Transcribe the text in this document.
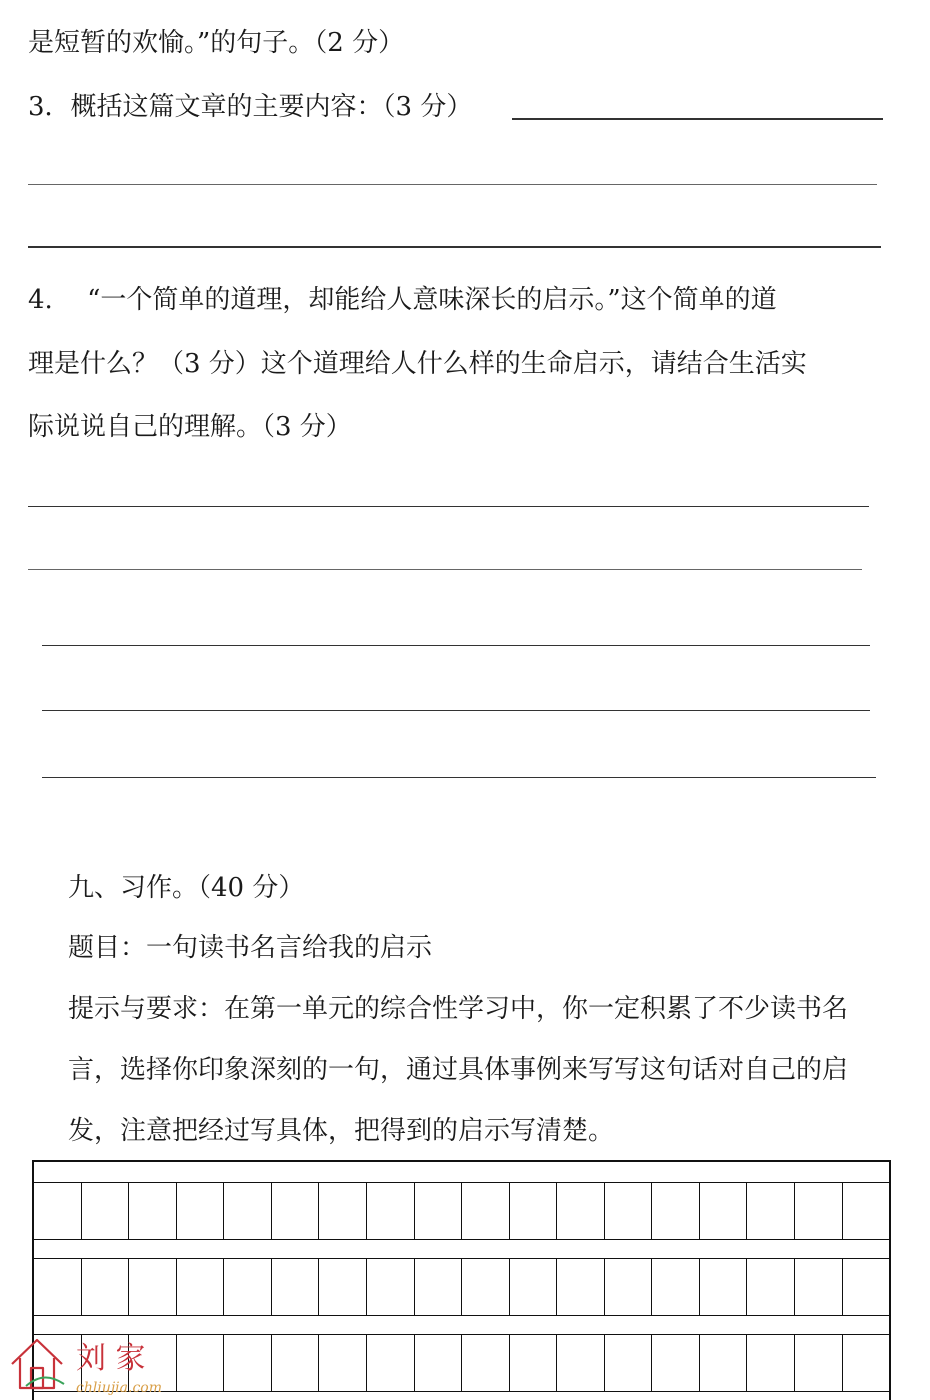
是短暂的欢愉。”的句子。（2 分）

3．概括这篇文章的主要内容：（3 分）

4.　 “一个简单的道理，却能给人意味深长的启示。”这个简单的道

理是什么？（3 分）这个道理给人什么样的生命启示，请结合生活实

际说说自己的理解。（3 分）

九、习作。（40 分）

题目：一句读书名言给我的启示

提示与要求：在第一单元的综合性学习中，你一定积累了不少读书名

言，选择你印象深刻的一句，通过具体事例来写写这句话对自己的启

发，注意把经过写具体，把得到的启示写清楚。

刘 家
chliujia.com
